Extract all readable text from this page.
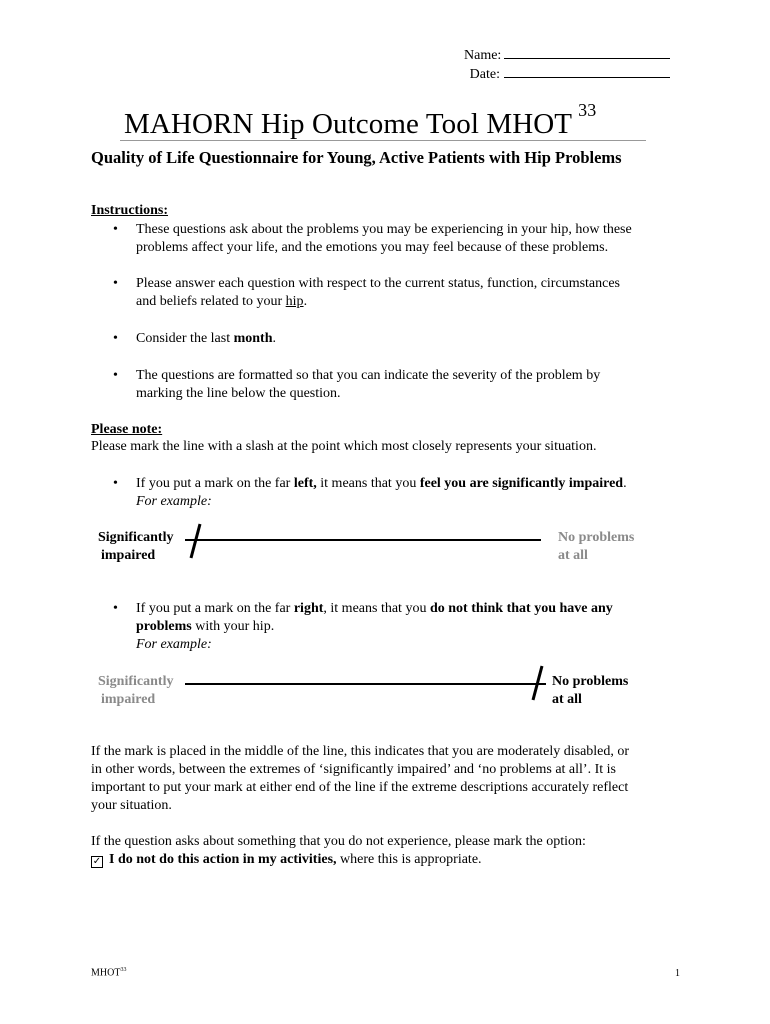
Name:
Date:
MAHORN Hip Outcome Tool MHOT $^{33}$
Quality of Life Questionnaire for Young, Active Patients with Hip Problems
Instructions:
• These questions ask about the problems you may be experiencing in your hip, how these
problems affect your life, and the emotions you may feel because of these problems.
• Please answer each question with respect to the current status, function, circumstances
and beliefs related to your hip.
• Consider the last month.
• The questions are formatted so that you can indicate the severity of the problem by
marking the line below the question.
Please note:
Please mark the line with a slash at the point which most closely represents your situation.
• If you put a mark on the far left, it means that you feel you are significantly impaired.
For example:
Significantly
impaired
No problems
at all
• If you put a mark on the far right, it means that you do not think that you have any
problems with your hip.
For example:
Significantly
impaired
No problems
at all
If the mark is placed in the middle of the line, this indicates that you are moderately disabled, or
in other words, between the extremes of ‘significantly impaired’ and ‘no problems at all’. It is
important to put your mark at either end of the line if the extreme descriptions accurately reflect
your situation.
If the question asks about something that you do not experience, please mark the option:
✓ I do not do this action in my activities, where this is appropriate.
MHOT$^{33}$	1
